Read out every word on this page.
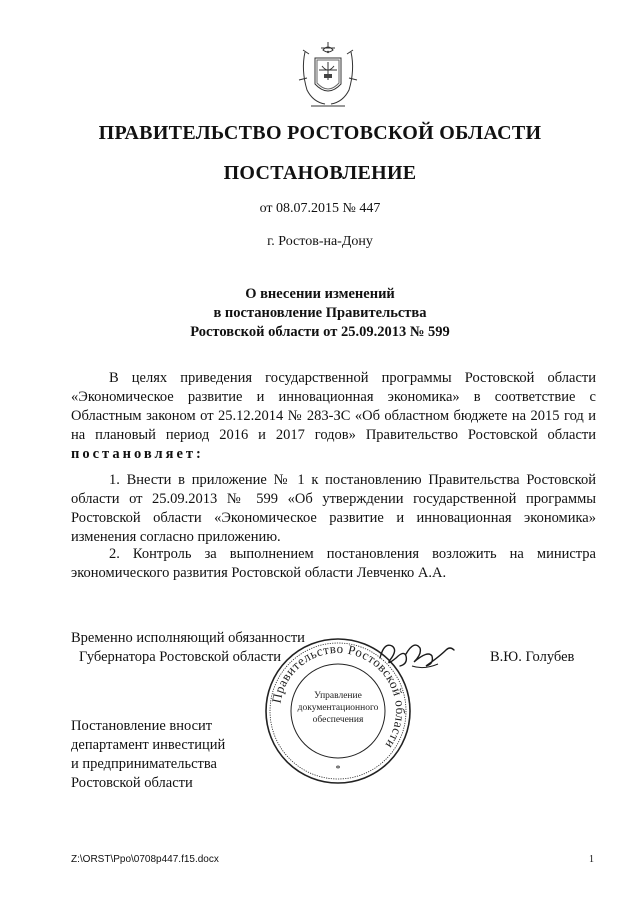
ПРАВИТЕЛЬСТВО РОСТОВСКОЙ ОБЛАСТИ
ПОСТАНОВЛЕНИЕ
от 08.07.2015 № 447
г. Ростов-на-Дону
О внесении изменений
в постановление Правительства
Ростовской области от 25.09.2013 № 599
В целях приведения государственной программы Ростовской области «Экономическое развитие и инновационная экономика» в соответствие с Областным законом от 25.12.2014 № 283-ЗС «Об областном бюджете на 2015 год и на плановый период 2016 и 2017 годов» Правительство Ростовской области постановляет:
1. Внести в приложение № 1 к постановлению Правительства Ростовской области от 25.09.2013 № 599 «Об утверждении государственной программы Ростовской области «Экономическое развитие и инновационная экономика» изменения согласно приложению.
2. Контроль за выполнением постановления возложить на министра экономического развития Ростовской области Левченко А.А.
Временно исполняющий обязанности
Губернатора Ростовской области	В.Ю. Голубев
Правительство Ростовской области
Управление
документационного
обеспечения
*
Постановление вносит
департамент инвестиций
и предпринимательства
Ростовской области
Z:\ORST\Ppo\0708p447.f15.docx	1
